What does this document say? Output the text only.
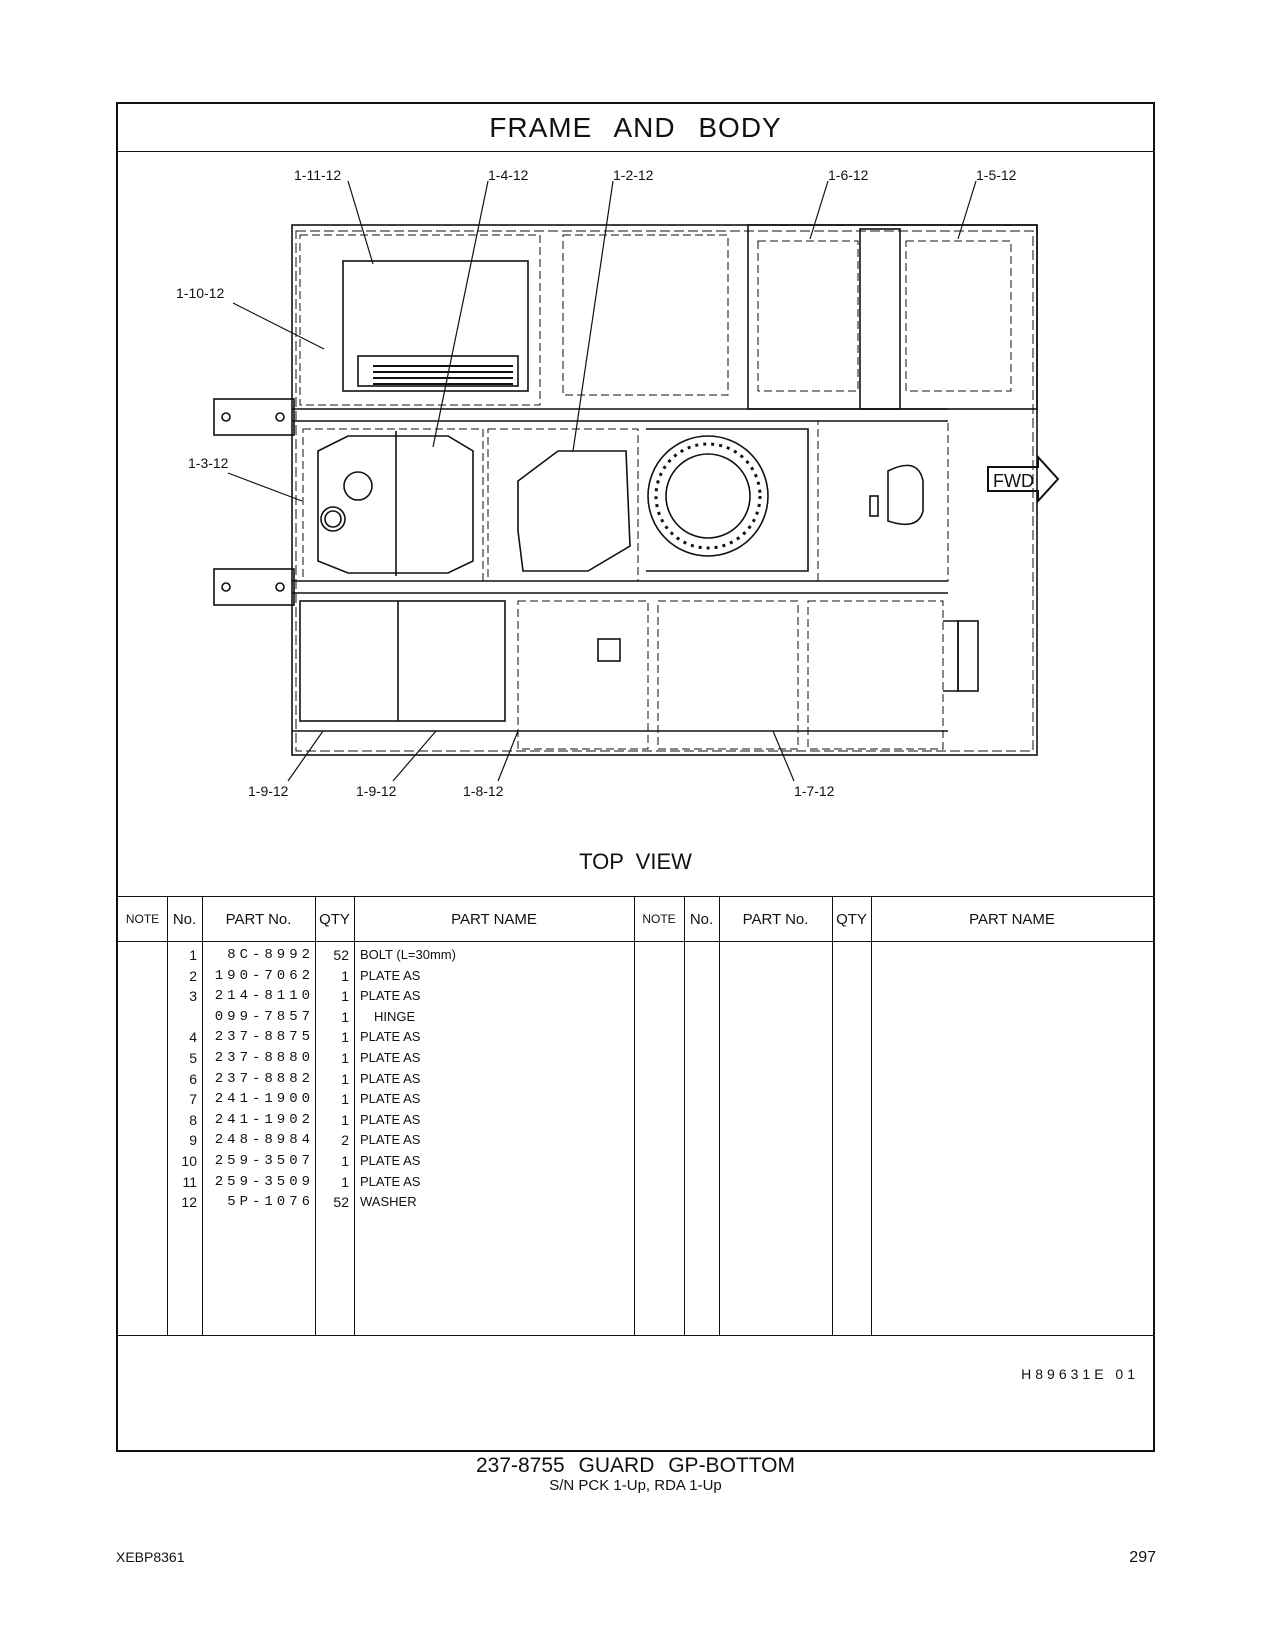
FRAME AND BODY
FWD
1-11-12	1-4-12	1-2-12	1-6-12	1-5-12
1-10-12
1-3-12
1-9-12	1-9-12	1-8-12	1-7-12
TOP VIEW
NOTE No.	PART No.	QTY	PART NAME	NOTE No.	PART No.	QTY	PART NAME
1	8C-8992	52 BOLT (L=30mm)
2	190-7062	1 PLATE AS
3	214-8110	1 PLATE AS
099-7857	1	HINGE
4	237-8875	1 PLATE AS
5	237-8880	1 PLATE AS
6	237-8882	1 PLATE AS
7	241-1900	1 PLATE AS
8	241-1902	1 PLATE AS
9	248-8984	2 PLATE AS
10	259-3507	1 PLATE AS
11	259-3509	1 PLATE AS
12	5P-1076	52 WASHER
H89631E 01
237-8755 GUARD GP-BOTTOM
S/N PCK 1-Up, RDA 1-Up
XEBP8361	297
